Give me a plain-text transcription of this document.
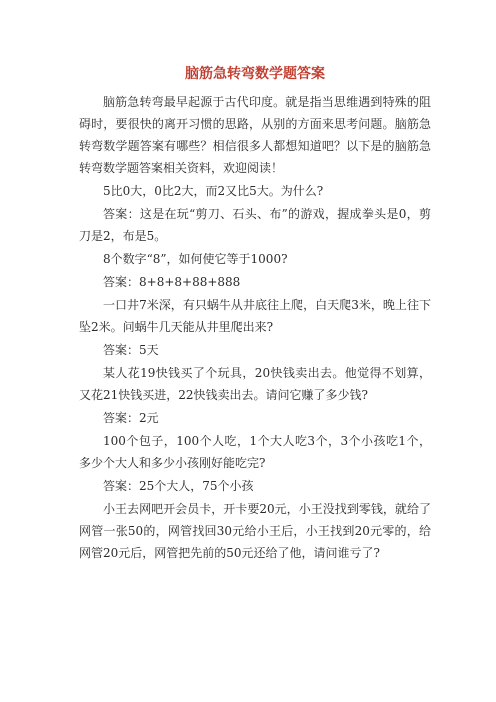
脑筋急转弯数学题答案

脑筋急转弯最早起源于古代印度。就是指当思维遇到特殊的阻碍时，要很快的离开习惯的思路，从别的方面来思考问题。脑筋急转弯数学题答案有哪些？相信很多人都想知道吧？以下是的脑筋急转弯数学题答案相关资料，欢迎阅读！

5比0大，0比2大，而2又比5大。为什么?

答案：这是在玩“剪刀、石头、布”的游戏，握成拳头是0，剪刀是2，布是5。

8个数字“8”，如何使它等于1000?

答案：8+8+8+88+888

一口井7米深，有只蜗牛从井底往上爬，白天爬3米，晚上往下坠2米。问蜗牛几天能从井里爬出来?

答案：5天

某人花19快钱买了个玩具，20快钱卖出去。他觉得不划算，又花21快钱买进，22快钱卖出去。请问它赚了多少钱?

答案：2元

100个包子，100个人吃，1个大人吃3个，3个小孩吃1个，多少个大人和多少小孩刚好能吃完?

答案：25个大人，75个小孩

小王去网吧开会员卡，开卡要20元，小王没找到零钱，就给了网管一张50的，网管找回30元给小王后，小王找到20元零的，给网管20元后，网管把先前的50元还给了他，请问谁亏了?
